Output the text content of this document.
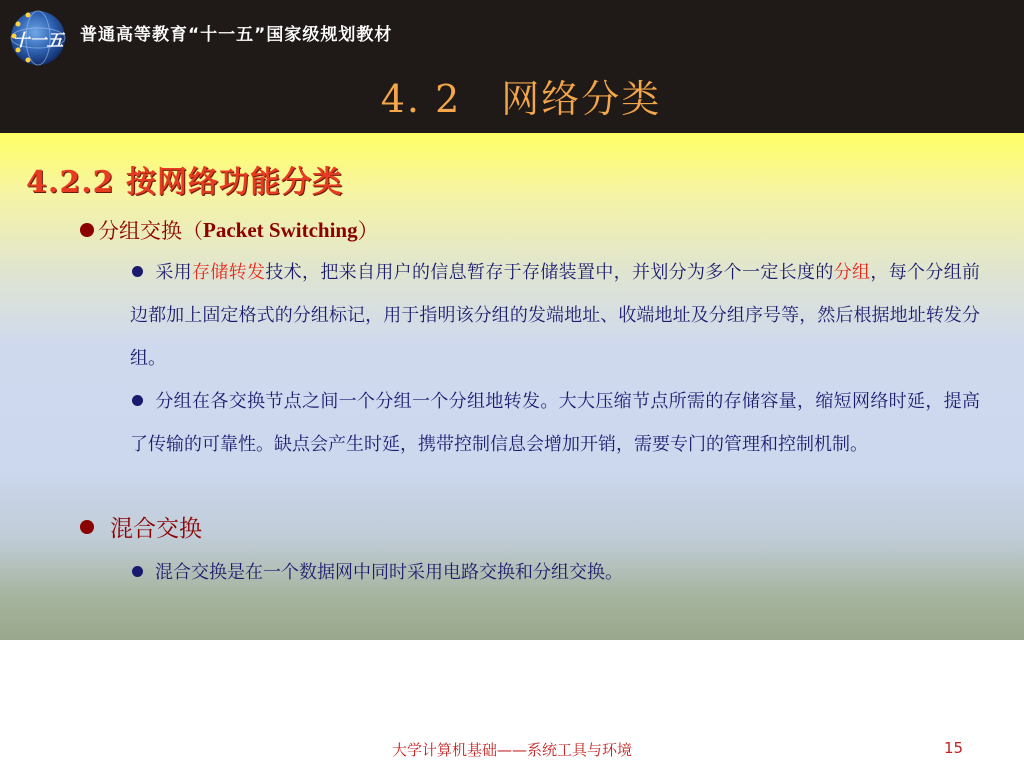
十一五 普通高等教育“十一五”国家级规划教材
4. 2　网络分类
4.2.2 按网络功能分类
分组交换（ Packet Switching ）
采用存储转发技术，把来自用户的信息暂存于存储装置中，并划分为多个一定长度的分组，每个分组前边都加上固定格式的分组标记，用于指明该分组的发端地址、收端地址及分组序号等，然后根据地址转发分组。
分组在各交换节点之间一个分组一个分组地转发。大大压缩节点所需的存储容量，缩短网络时延，提高了传输的可靠性。缺点会产生时延，携带控制信息会增加开销，需要专门的管理和控制机制。
混合交换
混合交换是在一个数据网中同时采用电路交换和分组交换。
大学计算机基础——系统工具与环境	15
